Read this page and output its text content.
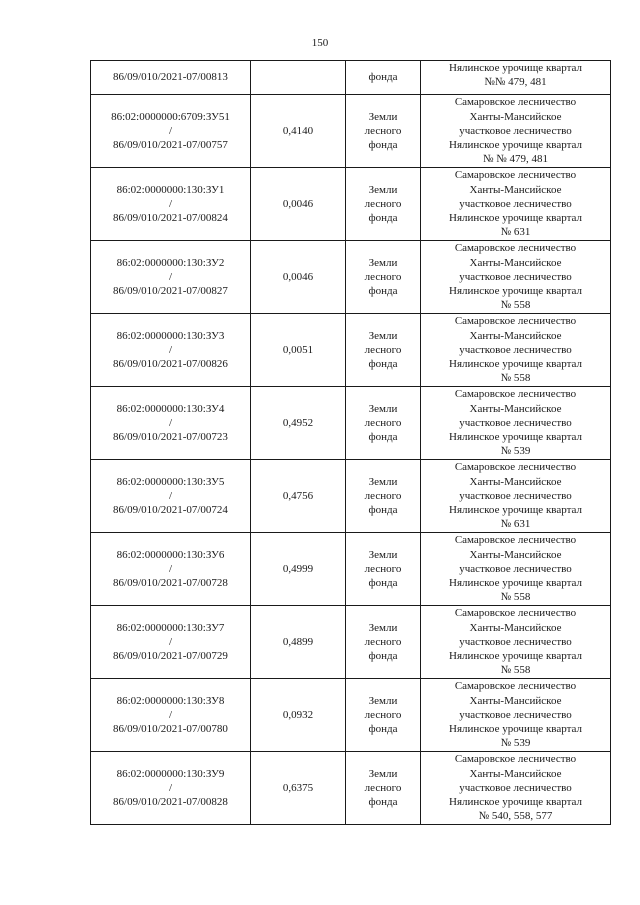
150
86/09/010/2021-07/00813		фонда	Нялинское урочище квартал
№№ 479, 481

86:02:0000000:6709:ЗУ51
/
86/09/010/2021-07/00757	0,4140	Земли
лесного
фонда	Самаровское лесничество
Ханты-Мансийское
участковое лесничество
Нялинское урочище квартал
№ № 479, 481

86:02:0000000:130:ЗУ1
/
86/09/010/2021-07/00824	0,0046	Земли
лесного
фонда	Самаровское лесничество
Ханты-Мансийское
участковое лесничество
Нялинское урочище квартал
№ 631

86:02:0000000:130:ЗУ2
/
86/09/010/2021-07/00827	0,0046	Земли
лесного
фонда	Самаровское лесничество
Ханты-Мансийское
участковое лесничество
Нялинское урочище квартал
№ 558

86:02:0000000:130:ЗУ3
/
86/09/010/2021-07/00826	0,0051	Земли
лесного
фонда	Самаровское лесничество
Ханты-Мансийское
участковое лесничество
Нялинское урочище квартал
№ 558

86:02:0000000:130:ЗУ4
/
86/09/010/2021-07/00723	0,4952	Земли
лесного
фонда	Самаровское лесничество
Ханты-Мансийское
участковое лесничество
Нялинское урочище квартал
№ 539

86:02:0000000:130:ЗУ5
/
86/09/010/2021-07/00724	0,4756	Земли
лесного
фонда	Самаровское лесничество
Ханты-Мансийское
участковое лесничество
Нялинское урочище квартал
№ 631

86:02:0000000:130:ЗУ6
/
86/09/010/2021-07/00728	0,4999	Земли
лесного
фонда	Самаровское лесничество
Ханты-Мансийское
участковое лесничество
Нялинское урочище квартал
№ 558

86:02:0000000:130:ЗУ7
/
86/09/010/2021-07/00729	0,4899	Земли
лесного
фонда	Самаровское лесничество
Ханты-Мансийское
участковое лесничество
Нялинское урочище квартал
№ 558

86:02:0000000:130:ЗУ8
/
86/09/010/2021-07/00780	0,0932	Земли
лесного
фонда	Самаровское лесничество
Ханты-Мансийское
участковое лесничество
Нялинское урочище квартал
№ 539

86:02:0000000:130:ЗУ9
/
86/09/010/2021-07/00828	0,6375	Земли
лесного
фонда	Самаровское лесничество
Ханты-Мансийское
участковое лесничество
Нялинское урочище квартал
№ 540, 558, 577
